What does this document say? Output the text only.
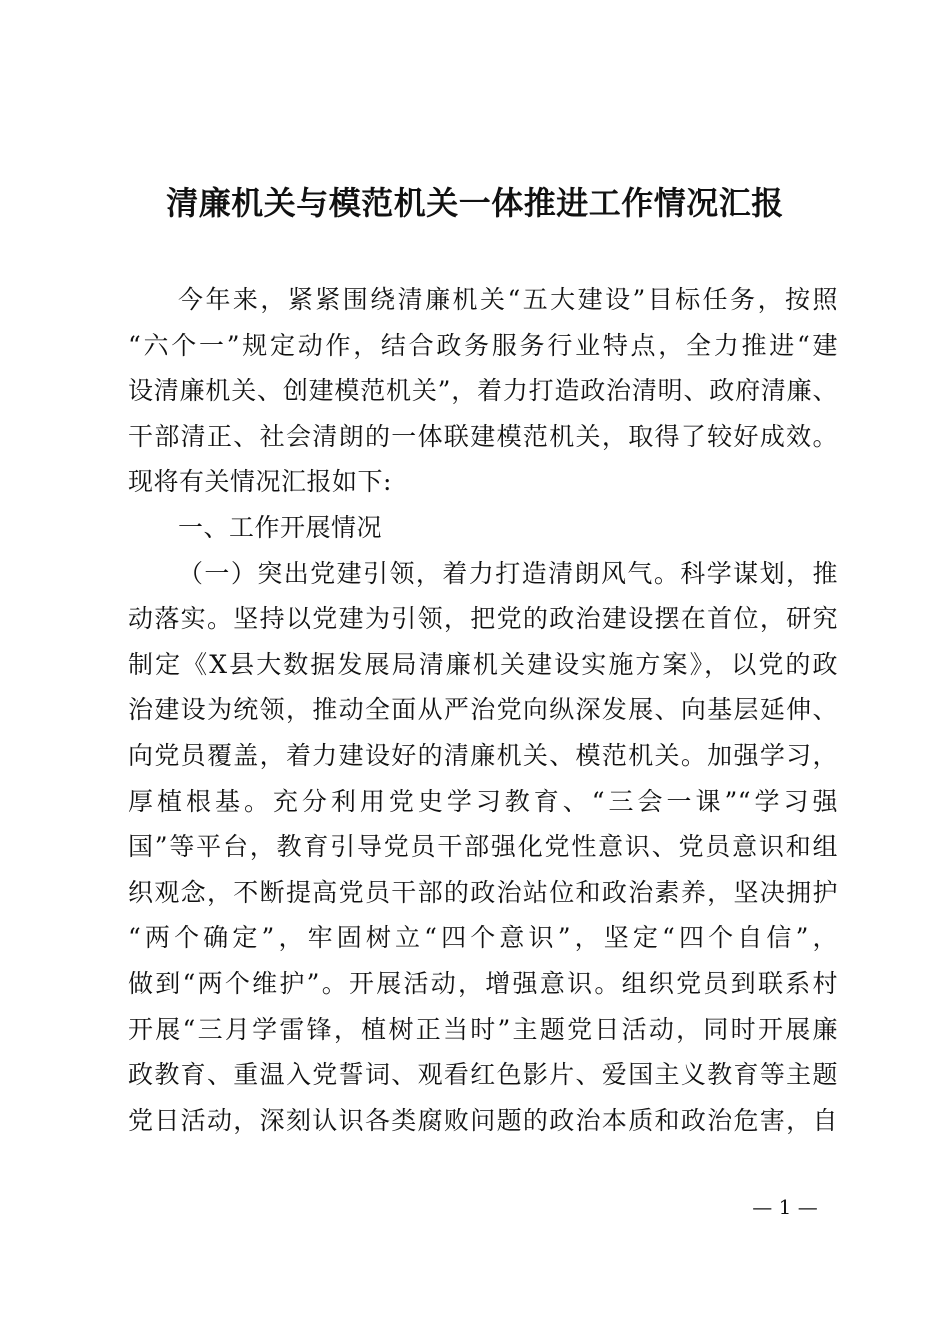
清廉机关与模范机关一体推进工作情况汇报
今年来，紧紧围绕清廉机关“五大建设”目标任务，按照
“六个一”规定动作，结合政务服务行业特点，全力推进“建
设清廉机关、创建模范机关”，着力打造政治清明、政府清廉、
干部清正、社会清朗的一体联建模范机关，取得了较好成效。
现将有关情况汇报如下:
一、工作开展情况
（一）突出党建引领，着力打造清朗风气。科学谋划，推
动落实。坚持以党建为引领，把党的政治建设摆在首位，研究
制定《X县大数据发展局清廉机关建设实施方案》，以党的政
治建设为统领，推动全面从严治党向纵深发展、向基层延伸、
向党员覆盖，着力建设好的清廉机关、模范机关。加强学习，
厚植根基。充分利用党史学习教育、“三会一课”“学习强
国”等平台，教育引导党员干部强化党性意识、党员意识和组
织观念，不断提高党员干部的政治站位和政治素养，坚决拥护
“两个确定”，牢固树立“四个意识”，坚定“四个自信”，
做到“两个维护”。开展活动，增强意识。组织党员到联系村
开展“三月学雷锋，植树正当时”主题党日活动，同时开展廉
政教育、重温入党誓词、观看红色影片、爱国主义教育等主题
党日活动，深刻认识各类腐败问题的政治本质和政治危害，自
— 1 —
